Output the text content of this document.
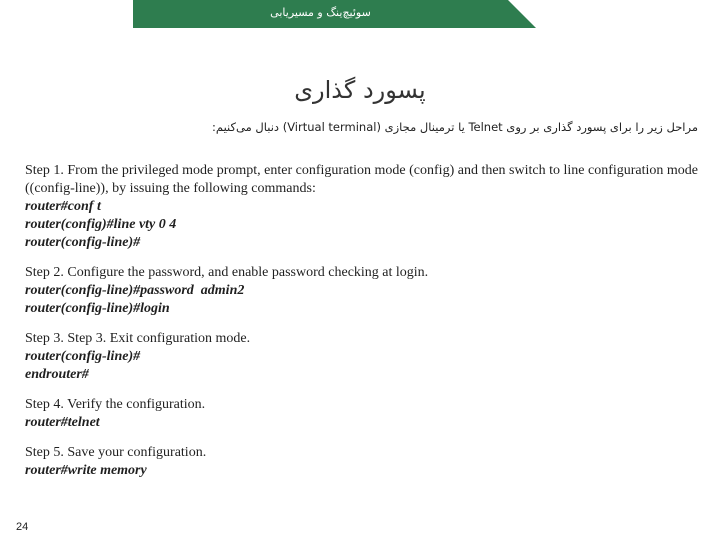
سوئیچ‌ینگ و مسیریابی
پسورد گذاری
مراحل زیر را برای پسورد گذاری بر روی Telnet یا ترمینال مجازی (Virtual terminal) دنبال می‌کنیم:
Step 1. From the privileged mode prompt, enter configuration mode (config) and then switch to line configuration mode ((config-line)), by issuing the following commands:
router#conf t
router(config)#line vty 0 4
router(config-line)#
Step 2. Configure the password, and enable password checking at login.
router(config-line)#password  admin2
router(config-line)#login
Step 3. Step 3. Exit configuration mode.
router(config-line)#
endrouter#
Step 4. Verify the configuration.
router#telnet
Step 5. Save your configuration.
router#write memory
24
